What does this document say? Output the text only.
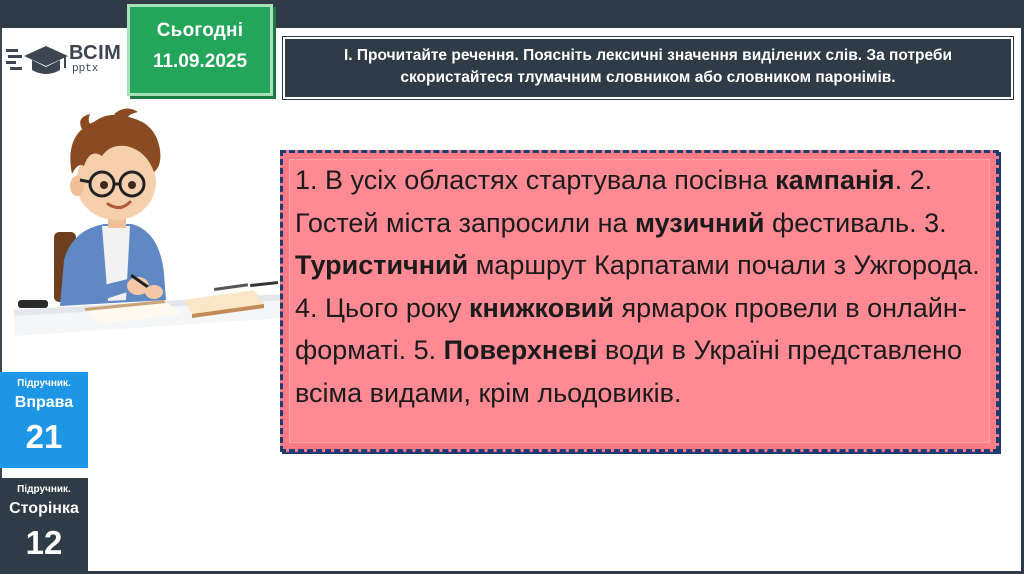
ВСІМ
pptx
Сьогодні
11.09.2025	І. Прочитайте речення. Поясніть лексичні значення виділених слів. За потреби скористайтеся тлумачним словником або словником паронімів.

1. В усіх областях стартувала посівна кампанія. 2. Гостей міста запросили на музичний фестиваль. 3. Туристичний маршрут Карпатами почали з Ужгорода. 4. Цього року книжковий ярмарок провели в онлайн-форматі. 5. Поверхневі води в Україні представлено всіма видами, крім льодовиків.

Підручник.
Вправа
21
Підручник.
Сторінка
12
